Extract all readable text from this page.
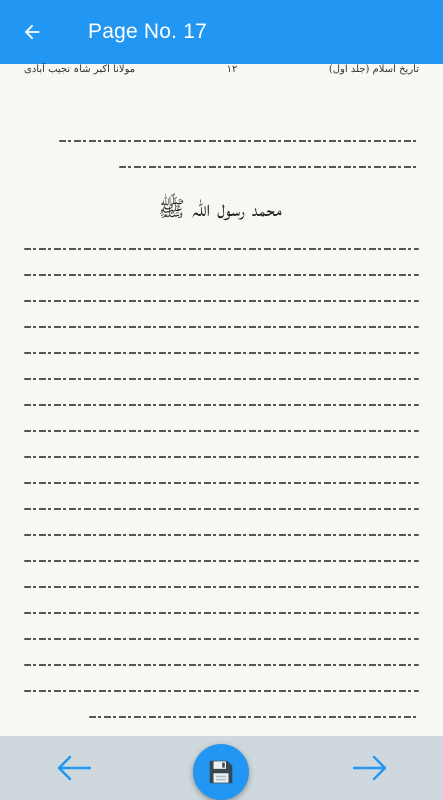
Page No. 17
تاریخ اسلام (جلد اول)
۱۲
مولانا اکبر شاہ نجیب آبادی
محمد رسول اللہ ﷺ
